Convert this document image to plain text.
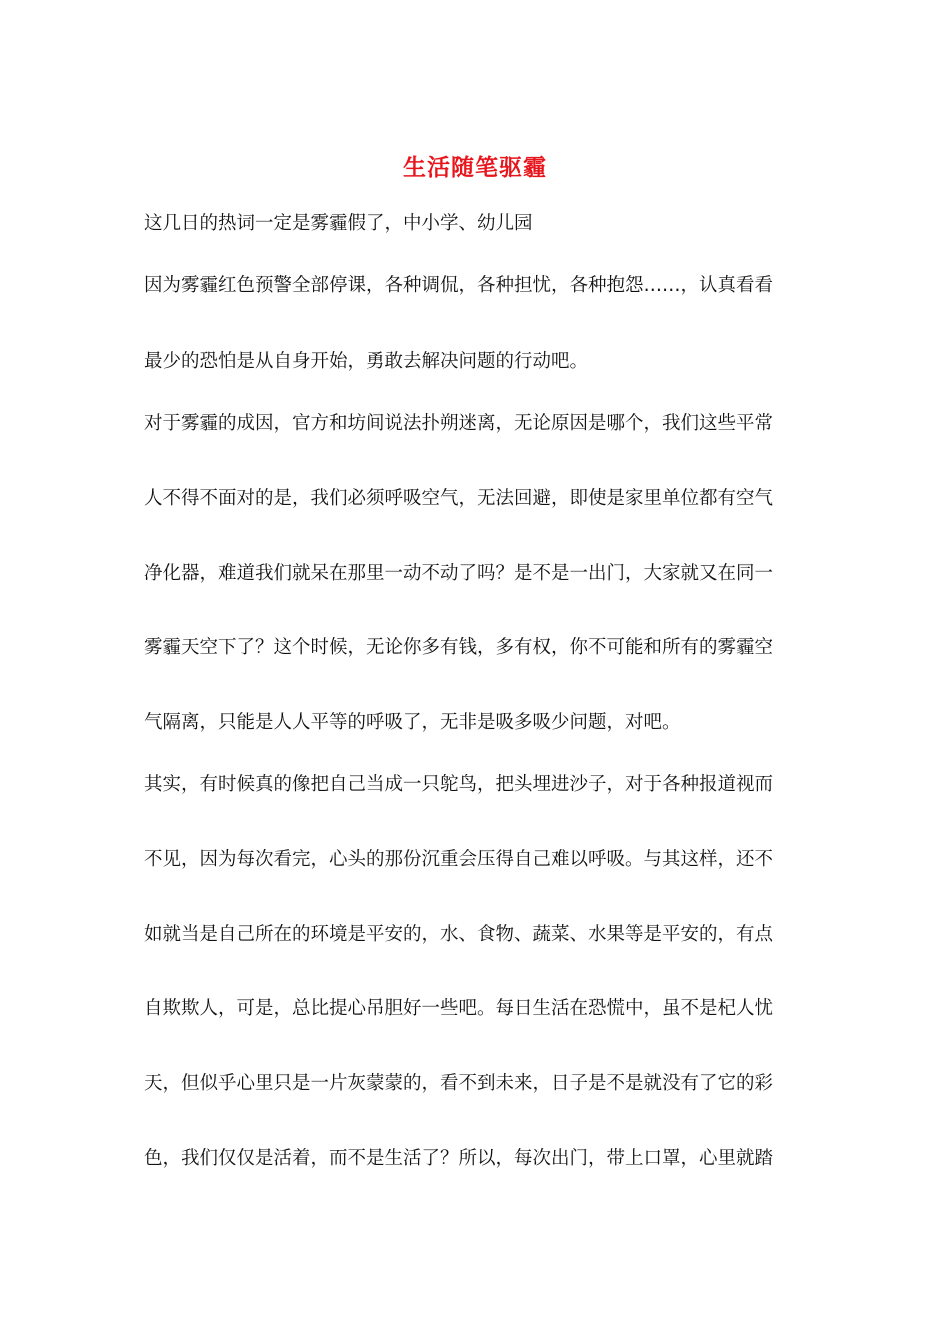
生活随笔驱霾
这几日的热词一定是雾霾假了，中小学、幼儿园
因为雾霾红色预警全部停课，各种调侃，各种担忧，各种抱怨……，认真看看
最少的恐怕是从自身开始，勇敢去解决问题的行动吧。
对于雾霾的成因，官方和坊间说法扑朔迷离，无论原因是哪个，我们这些平常
人不得不面对的是，我们必须呼吸空气，无法回避，即使是家里单位都有空气
净化器，难道我们就呆在那里一动不动了吗？是不是一出门，大家就又在同一
雾霾天空下了？这个时候，无论你多有钱，多有权，你不可能和所有的雾霾空
气隔离，只能是人人平等的呼吸了，无非是吸多吸少问题，对吧。
其实，有时候真的像把自己当成一只鸵鸟，把头埋进沙子，对于各种报道视而
不见，因为每次看完，心头的那份沉重会压得自己难以呼吸。与其这样，还不
如就当是自己所在的环境是平安的，水、食物、蔬菜、水果等是平安的，有点
自欺欺人，可是，总比提心吊胆好一些吧。每日生活在恐慌中，虽不是杞人忧
天，但似乎心里只是一片灰蒙蒙的，看不到未来，日子是不是就没有了它的彩
色，我们仅仅是活着，而不是生活了？所以，每次出门，带上口罩，心里就踏
